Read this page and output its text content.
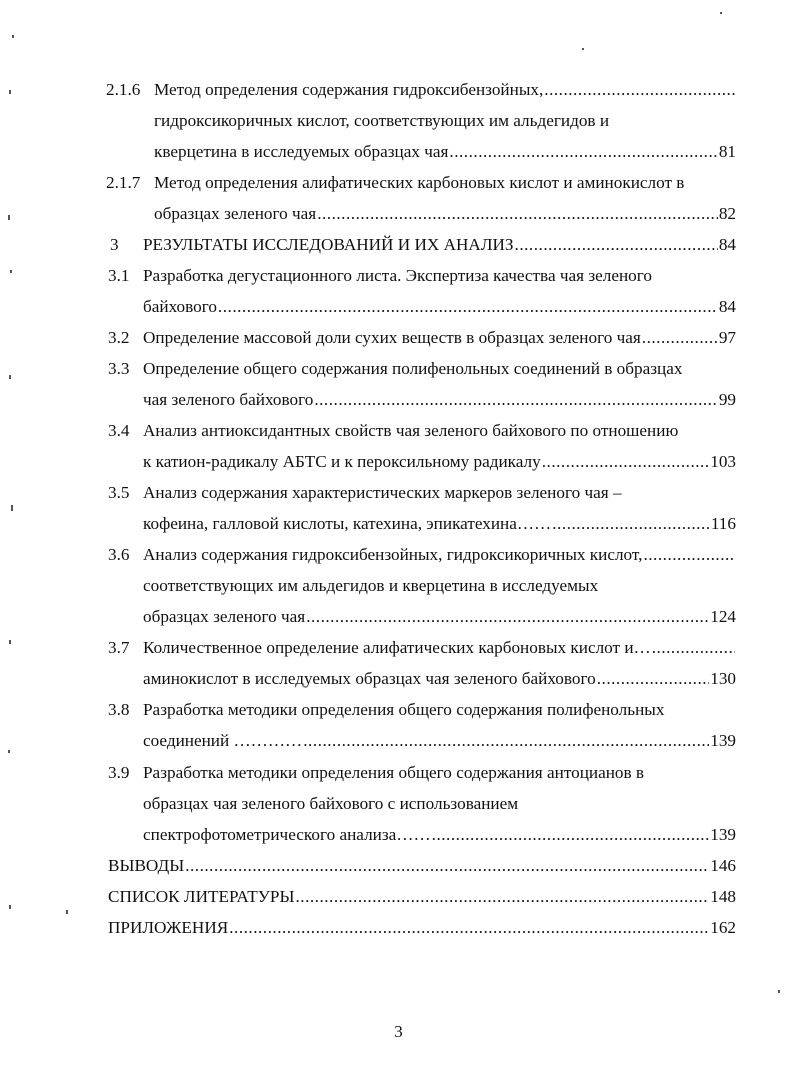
2.1.6 Метод определения содержания гидроксибензойных,
.....
гидроксикоричных кислот, соответствующих им альдегидов и
кверцетина в исследуемых образцах чая .....	81
2.1.7 Метод определения алифатических карбоновых кислот и аминокислот в
образцах зеленого чая .....	82
3 РЕЗУЛЬТАТЫ ИССЛЕДОВАНИЙ И ИХ АНАЛИЗ .....	84
3.1 Разработка дегустационного листа. Экспертиза качества чая зеленого
байхового .....	84
3.2 Определение массовой доли сухих веществ в образцах зеленого чая .....	97
3.3 Определение общего содержания полифенольных соединений в образцах
чая зеленого байхового .....	99
3.4 Анализ антиоксидантных свойств чая зеленого байхового по отношению
к катион-радикалу АБТС и к пероксильному радикалу .....	103
3.5 Анализ содержания характеристических маркеров зеленого чая –
кофеина, галловой кислоты, катехина, эпикатехина…… .....	116
3.6 Анализ содержания гидроксибензойных, гидроксикоричных кислот,
.....
соответствующих им альдегидов и кверцетина в исследуемых
образцах зеленого чая .....	124
3.7 Количественное определение алифатических карбоновых кислот и…
.....
аминокислот в исследуемых образцах чая зеленого байхового .....	130
3.8 Разработка методики определения общего содержания полифенольных
соединений ………… .....	139
3.9 Разработка методики определения общего содержания антоцианов в
образцах чая зеленого байхового с использованием
спектрофотометрического анализа…… .....	139
ВЫВОДЫ .....	146
СПИСОК ЛИТЕРАТУРЫ .....	148
ПРИЛОЖЕНИЯ .....	162
3
